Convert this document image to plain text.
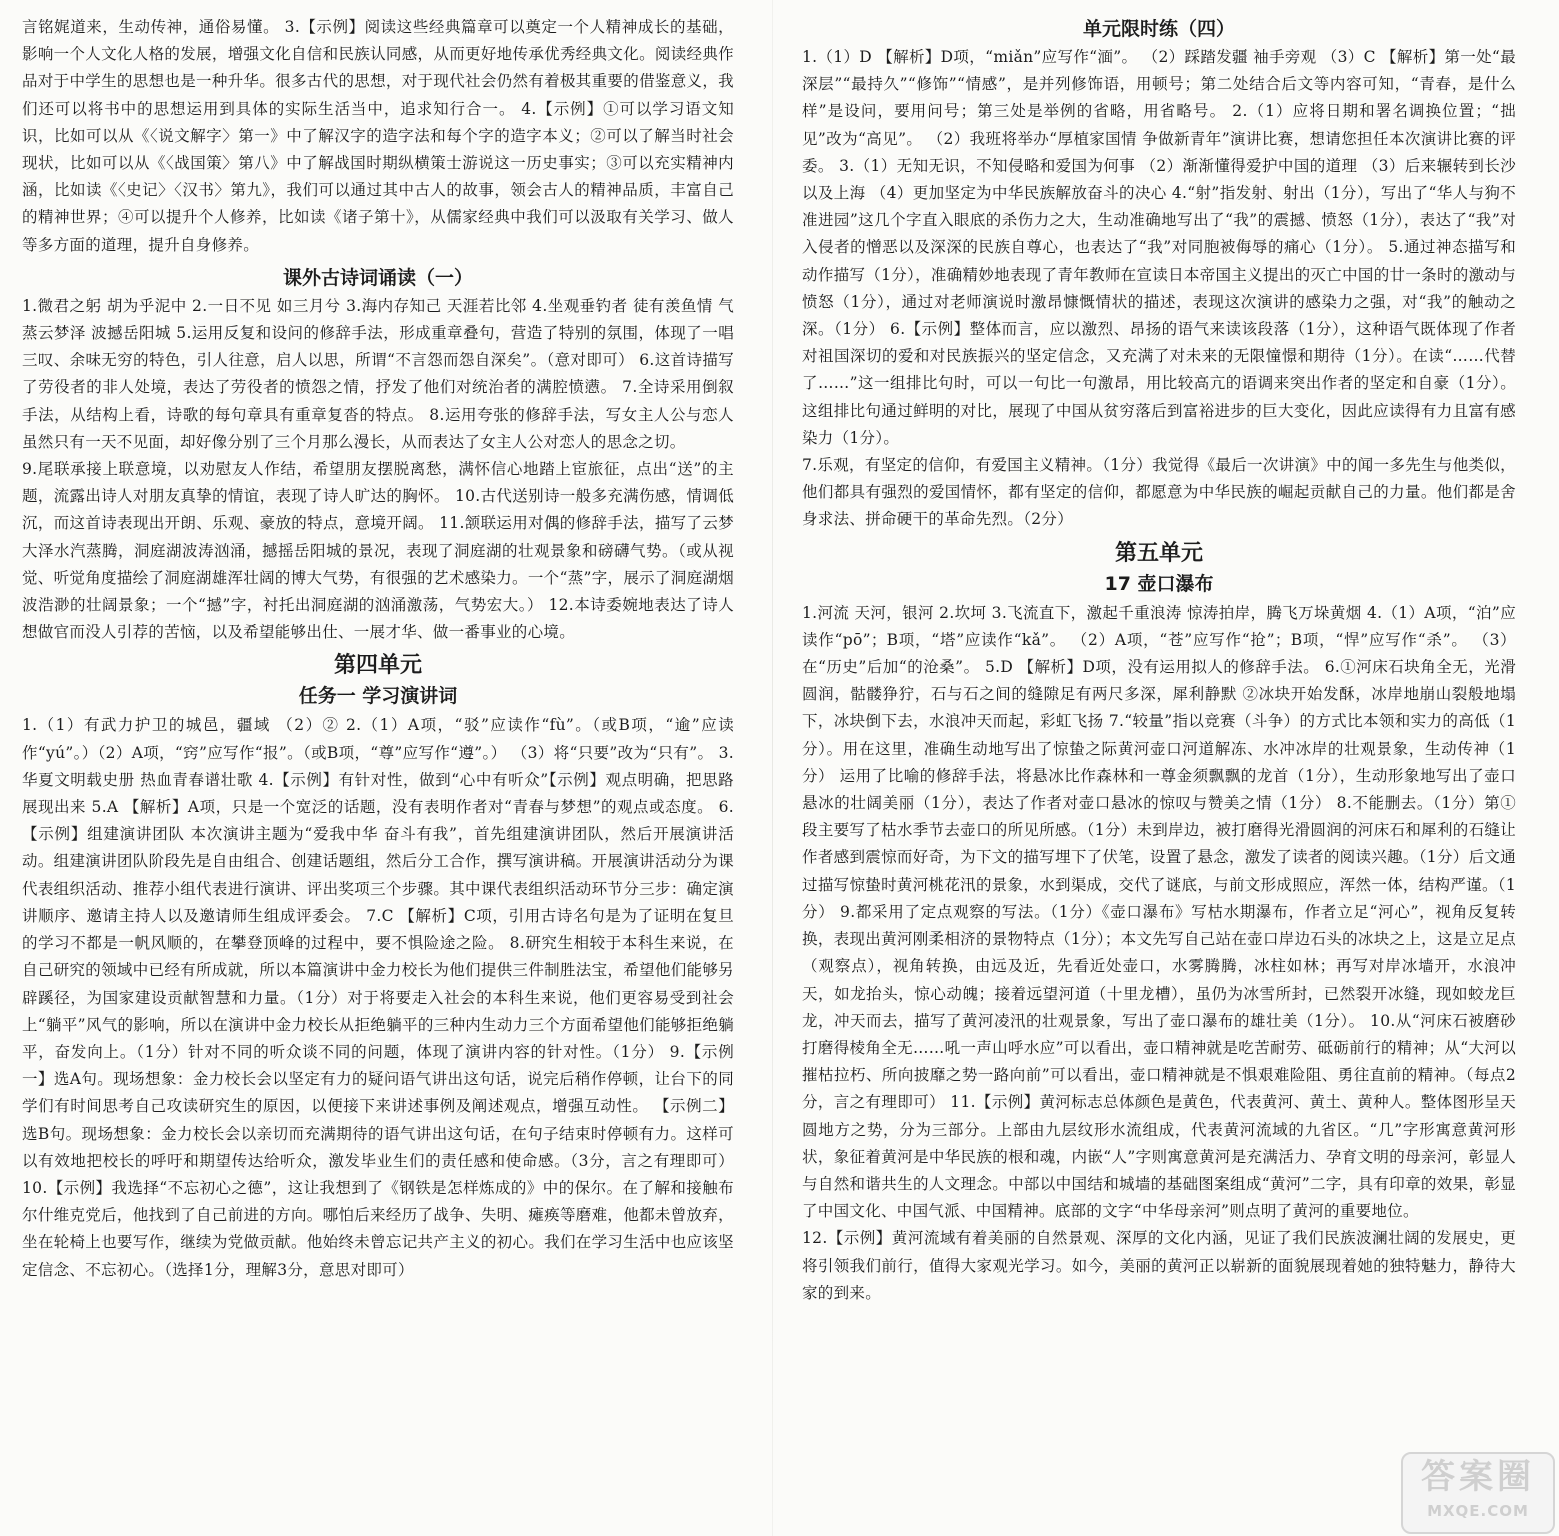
言铭娓道来，生动传神，通俗易懂。 3.【示例】阅读这些经典篇章可以奠定一个人精神成长的基础，影响一个人文化人格的发展，增强文化自信和民族认同感，从而更好地传承优秀经典文化。阅读经典作品对于中学生的思想也是一种升华。很多古代的思想，对于现代社会仍然有着极其重要的借鉴意义，我们还可以将书中的思想运用到具体的实际生活当中，追求知行合一。 4.【示例】①可以学习语文知识，比如可以从《〈说文解字〉第一》中了解汉字的造字法和每个字的造字本义；②可以了解当时社会现状，比如可以从《〈战国策〉第八》中了解战国时期纵横策士游说这一历史事实；③可以充实精神内涵，比如读《〈史记〉〈汉书〉第九》，我们可以通过其中古人的故事，领会古人的精神品质，丰富自己的精神世界；④可以提升个人修养，比如读《诸子第十》，从儒家经典中我们可以汲取有关学习、做人等多方面的道理，提升自身修养。

课外古诗词诵读（一）

1.微君之躬 胡为乎泥中 2.一日不见 如三月兮 3.海内存知己 天涯若比邻 4.坐观垂钓者 徒有羡鱼情 气蒸云梦泽 波撼岳阳城 5.运用反复和设问的修辞手法，形成重章叠句，营造了特别的氛围，体现了一唱三叹、余味无穷的特色，引人往意，启人以思，所谓“不言怨而怨自深矣”。（意对即可） 6.这首诗描写了劳役者的非人处境，表达了劳役者的愤怨之情，抒发了他们对统治者的满腔愤懑。 7.全诗采用倒叙手法，从结构上看，诗歌的每句章具有重章复沓的特点。 8.运用夸张的修辞手法，写女主人公与恋人虽然只有一天不见面，却好像分别了三个月那么漫长，从而表达了女主人公对恋人的思念之切。

9.尾联承接上联意境，以劝慰友人作结，希望朋友摆脱离愁，满怀信心地踏上宦旅征，点出“送”的主题，流露出诗人对朋友真挚的情谊，表现了诗人旷达的胸怀。 10.古代送别诗一般多充满伤感，情调低沉，而这首诗表现出开朗、乐观、豪放的特点，意境开阔。 11.颔联运用对偶的修辞手法，描写了云梦大泽水汽蒸腾，洞庭湖波涛汹涌，撼摇岳阳城的景况，表现了洞庭湖的壮观景象和磅礴气势。（或从视觉、听觉角度描绘了洞庭湖雄浑壮阔的博大气势，有很强的艺术感染力。一个“蒸”字，展示了洞庭湖烟波浩渺的壮阔景象；一个“撼”字，衬托出洞庭湖的汹涌激荡，气势宏大。） 12.本诗委婉地表达了诗人想做官而没人引荐的苦恼，以及希望能够出仕、一展才华、做一番事业的心境。

第四单元
任务一 学习演讲词

1.（1）有武力护卫的城邑，疆域 （2）② 2.（1）A项，“驳”应读作“fù”。（或B项，“逾”应读作“yú”。）（2）A项，“窍”应写作“报”。（或B项，“尊”应写作“遵”。） （3）将“只要”改为“只有”。 3.华夏文明载史册 热血青春谱壮歌 4.【示例】有针对性，做到“心中有听众”【示例】观点明确，把思路展现出来 5.A 【解析】A项，只是一个宽泛的话题，没有表明作者对“青春与梦想”的观点或态度。 6.【示例】组建演讲团队 本次演讲主题为“爱我中华 奋斗有我”，首先组建演讲团队，然后开展演讲活动。组建演讲团队阶段先是自由组合、创建话题组，然后分工合作，撰写演讲稿。开展演讲活动分为课代表组织活动、推荐小组代表进行演讲、评出奖项三个步骤。其中课代表组织活动环节分三步：确定演讲顺序、邀请主持人以及邀请师生组成评委会。 7.C 【解析】C项，引用古诗名句是为了证明在复旦的学习不都是一帆风顺的，在攀登顶峰的过程中，要不惧险途之险。 8.研究生相较于本科生来说，在自己研究的领域中已经有所成就，所以本篇演讲中金力校长为他们提供三件制胜法宝，希望他们能够另辟蹊径，为国家建设贡献智慧和力量。（1分）对于将要走入社会的本科生来说，他们更容易受到社会上“躺平”风气的影响，所以在演讲中金力校长从拒绝躺平的三种内生动力三个方面希望他们能够拒绝躺平，奋发向上。（1分）针对不同的听众谈不同的问题，体现了演讲内容的针对性。（1分） 9.【示例一】选A句。现场想象：金力校长会以坚定有力的疑问语气讲出这句话，说完后稍作停顿，让台下的同学们有时间思考自己攻读研究生的原因，以便接下来讲述事例及阐述观点，增强互动性。 【示例二】选B句。现场想象：金力校长会以亲切而充满期待的语气讲出这句话，在句子结束时停顿有力。这样可以有效地把校长的呼吁和期望传达给听众，激发毕业生们的责任感和使命感。（3分，言之有理即可） 10.【示例】我选择“不忘初心之德”，这让我想到了《钢铁是怎样炼成的》中的保尔。在了解和接触布尔什维克党后，他找到了自己前进的方向。哪怕后来经历了战争、失明、瘫痪等磨难，他都未曾放弃，坐在轮椅上也要写作，继续为党做贡献。他始终未曾忘记共产主义的初心。我们在学习生活中也应该坚定信念、不忘初心。（选择1分，理解3分，意思对即可）

单元限时练（四）

1.（1）D 【解析】D项，“miǎn”应写作“湎”。 （2）踩踏发疆 袖手旁观 （3）C 【解析】第一处“最深层”“最持久”“修饰”“情感”，是并列修饰语，用顿号；第二处结合后文等内容可知，“青春，是什么样”是设问，要用问号；第三处是举例的省略，用省略号。 2.（1）应将日期和署名调换位置；“拙见”改为“高见”。 （2）我班将举办“厚植家国情 争做新青年”演讲比赛，想请您担任本次演讲比赛的评委。 3.（1）无知无识，不知侵略和爱国为何事 （2）渐渐懂得爱护中国的道理 （3）后来辗转到长沙以及上海 （4）更加坚定为中华民族解放奋斗的决心 4.“射”指发射、射出（1分），写出了“华人与狗不准进园”这几个字直入眼底的杀伤力之大，生动准确地写出了“我”的震撼、愤怒（1分），表达了“我”对入侵者的憎恶以及深深的民族自尊心，也表达了“我”对同胞被侮辱的痛心（1分）。 5.通过神态描写和动作描写（1分），准确精妙地表现了青年教师在宣读日本帝国主义提出的灭亡中国的廿一条时的激动与愤怒（1分），通过对老师演说时激昂慷慨情状的描述，表现这次演讲的感染力之强，对“我”的触动之深。（1分） 6.【示例】整体而言，应以激烈、昂扬的语气来读该段落（1分），这种语气既体现了作者对祖国深切的爱和对民族振兴的坚定信念，又充满了对未来的无限憧憬和期待（1分）。在读“……代替了……”这一组排比句时，可以一句比一句激昂，用比较高亢的语调来突出作者的坚定和自豪（1分）。这组排比句通过鲜明的对比，展现了中国从贫穷落后到富裕进步的巨大变化，因此应读得有力且富有感染力（1分）。

7.乐观，有坚定的信仰，有爱国主义精神。（1分）我觉得《最后一次讲演》中的闻一多先生与他类似，他们都具有强烈的爱国情怀，都有坚定的信仰，都愿意为中华民族的崛起贡献自己的力量。他们都是舍身求法、拼命硬干的革命先烈。（2分）

第五单元
17 壶口瀑布

1.河流 天河，银河 2.坎坷 3.飞流直下，激起千重浪涛 惊涛拍岸，腾飞万垛黄烟 4.（1）A项，“泊”应读作“pō”；B项，“塔”应读作“kǎ”。 （2）A项，“苍”应写作“抢”；B项，“悍”应写作“杀”。 （3）在“历史”后加“的沧桑”。 5.D 【解析】D项，没有运用拟人的修辞手法。 6.①河床石块角全无，光滑圆润，骷髅狰狞，石与石之间的缝隙足有两尺多深，犀利静默 ②冰块开始发酥，冰岸地崩山裂般地塌下，冰块倒下去，水浪冲天而起，彩虹飞扬 7.“较量”指以竞赛（斗争）的方式比本领和实力的高低（1分）。用在这里，准确生动地写出了惊蛰之际黄河壶口河道解冻、水冲冰岸的壮观景象，生动传神（1分） 运用了比喻的修辞手法，将悬冰比作森林和一尊金须飘飘的龙首（1分），生动形象地写出了壶口悬冰的壮阔美丽（1分），表达了作者对壶口悬冰的惊叹与赞美之情（1分） 8.不能删去。（1分）第①段主要写了枯水季节去壶口的所见所感。（1分）未到岸边，被打磨得光滑圆润的河床石和犀利的石缝让作者感到震惊而好奇，为下文的描写埋下了伏笔，设置了悬念，激发了读者的阅读兴趣。（1分）后文通过描写惊蛰时黄河桃花汛的景象，水到渠成，交代了谜底，与前文形成照应，浑然一体，结构严谨。（1分） 9.都采用了定点观察的写法。（1分）《壶口瀑布》写枯水期瀑布，作者立足“河心”，视角反复转换，表现出黄河刚柔相济的景物特点（1分）；本文先写自己站在壶口岸边石头的冰块之上，这是立足点（观察点），视角转换，由远及近，先看近处壶口，水雾腾腾，冰柱如林；再写对岸冰墙开，水浪冲天，如龙抬头，惊心动魄；接着远望河道（十里龙槽），虽仍为冰雪所封，已然裂开冰缝，现如蛟龙巨龙，冲天而去，描写了黄河凌汛的壮观景象，写出了壶口瀑布的雄壮美（1分）。 10.从“河床石被磨砂打磨得棱角全无……吼一声山呼水应”可以看出，壶口精神就是吃苦耐劳、砥砺前行的精神；从“大河以摧枯拉朽、所向披靡之势一路向前”可以看出，壶口精神就是不惧艰难险阻、勇往直前的精神。（每点2分，言之有理即可） 11.【示例】黄河标志总体颜色是黄色，代表黄河、黄土、黄种人。整体图形呈天圆地方之势，分为三部分。上部由九层纹形水流组成，代表黄河流域的九省区。“几”字形寓意黄河形状，象征着黄河是中华民族的根和魂，内嵌“人”字则寓意黄河是充满活力、孕育文明的母亲河，彰显人与自然和谐共生的人文理念。中部以中国结和城墙的基础图案组成“黄河”二字，具有印章的效果，彰显了中国文化、中国气派、中国精神。底部的文字“中华母亲河”则点明了黄河的重要地位。

12.【示例】黄河流域有着美丽的自然景观、深厚的文化内涵，见证了我们民族波澜壮阔的发展史，更将引领我们前行，值得大家观光学习。如今，美丽的黄河正以崭新的面貌展现着她的独特魅力，静待大家的到来。

答案圈
MXQE.COM
